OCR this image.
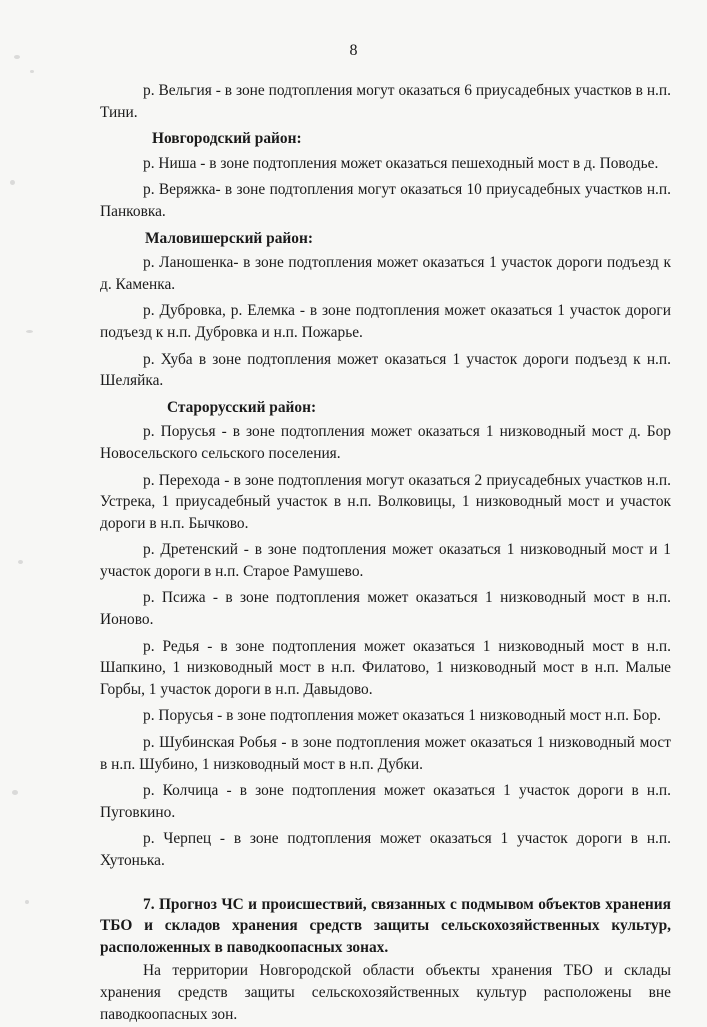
8

р. Вельгия - в зоне подтопления могут оказаться 6 приусадебных участков в н.п. Тини.

Новгородский район:

р. Ниша - в зоне подтопления может оказаться пешеходный мост в д. Поводье.

р. Веряжка- в зоне подтопления могут оказаться 10 приусадебных участков н.п. Панковка.

Маловишерский район:

р. Ланошенка- в зоне подтопления может оказаться 1 участок дороги подъезд к д. Каменка.

р. Дубровка, р. Елемка - в зоне подтопления может оказаться 1 участок дороги подъезд к н.п. Дубровка и н.п. Пожарье.

р. Хуба в зоне подтопления может оказаться 1 участок дороги подъезд к н.п. Шеляйка.

Старорусский район:

р. Порусья - в зоне подтопления может оказаться 1 низководный мост д. Бор Новосельского сельского поселения.

р. Перехода - в зоне подтопления могут оказаться 2 приусадебных участков н.п. Устрека, 1 приусадебный участок в н.п. Волковицы, 1 низководный мост и участок дороги в н.п. Бычково.

р. Дретенский - в зоне подтопления может оказаться 1 низководный мост и 1 участок дороги в н.п. Старое Рамушево.

р. Псижа - в зоне подтопления может оказаться 1 низководный мост в н.п. Ионово.

р. Редья - в зоне подтопления может оказаться 1 низководный мост в н.п. Шапкино, 1 низководный мост в н.п. Филатово, 1 низководный мост в н.п. Малые Горбы, 1 участок дороги в н.п. Давыдово.

р. Порусья - в зоне подтопления может оказаться 1 низководный мост н.п. Бор.

р. Шубинская Робья - в зоне подтопления может оказаться 1 низководный мост в н.п. Шубино, 1 низководный мост в н.п. Дубки.

р. Колчица - в зоне подтопления может оказаться 1 участок дороги в н.п. Пуговкино.

р. Черпец - в зоне подтопления может оказаться 1 участок дороги в н.п. Хутонька.

7. Прогноз ЧС и происшествий, связанных с подмывом объектов хранения ТБО и складов хранения средств защиты сельскохозяйственных культур, расположенных в паводкоопасных зонах.

На территории Новгородской области объекты хранения ТБО и склады хранения средств защиты сельскохозяйственных культур расположены вне паводкоопасных зон.
